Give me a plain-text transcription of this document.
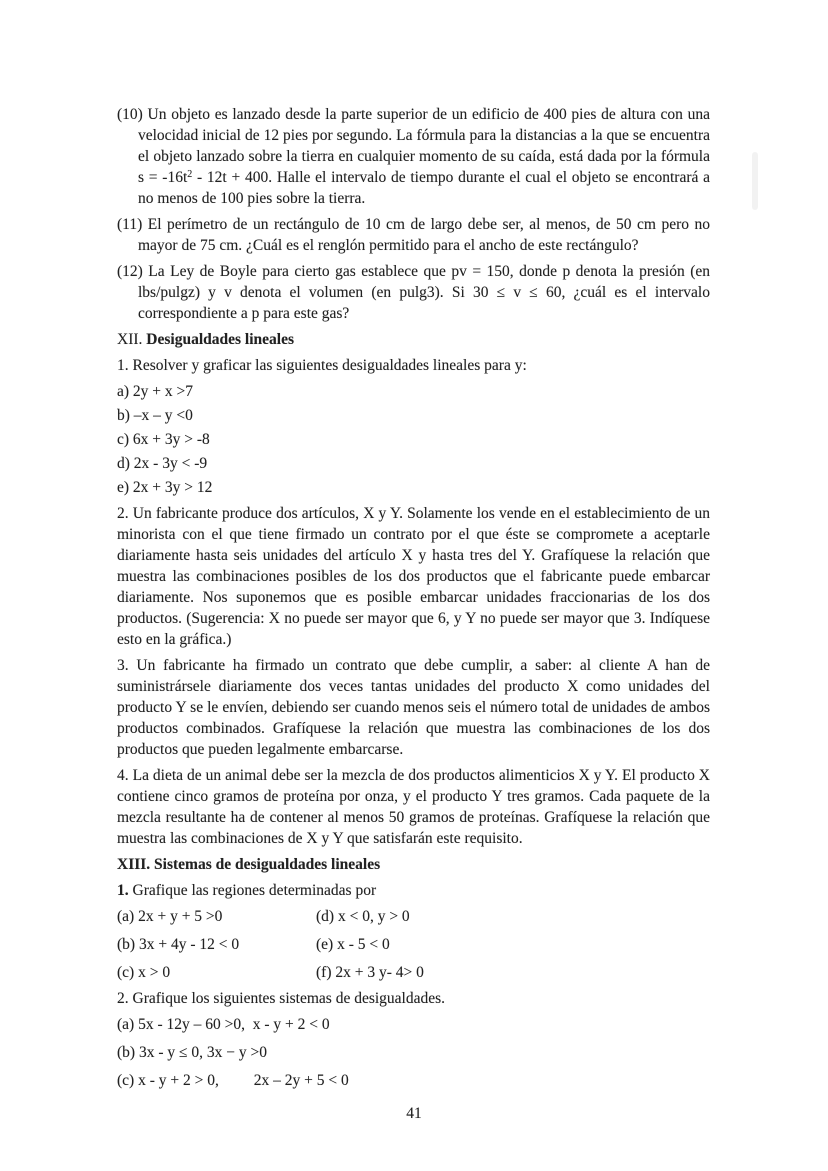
(10) Un objeto es lanzado desde la parte superior de un edificio de 400 pies de altura con una velocidad inicial de 12 pies por segundo. La fórmula para la distancias a la que se encuentra el objeto lanzado sobre la tierra en cualquier momento de su caída, está dada por la fórmula $s = -16t^2 - 12t + 400$. Halle el intervalo de tiempo durante el cual el objeto se encontrará a no menos de 100 pies sobre la tierra.

(11) El perímetro de un rectángulo de 10 cm de largo debe ser, al menos, de 50 cm pero no mayor de 75 cm. ¿Cuál es el renglón permitido para el ancho de este rectángulo?

(12) La Ley de Boyle para cierto gas establece que pv = 150, donde p denota la presión (en lbs/pulgz) y v denota el volumen (en pulg3). Si 30 ≤ v ≤ 60, ¿cuál es el intervalo correspondiente a p para este gas?

XII. Desigualdades lineales

1. Resolver y graficar las siguientes desigualdades lineales para y:

a) 2y + x >7
b) –x – y <0
c) 6x + 3y > -8
d) 2x - 3y < -9
e) 2x + 3y > 12

2. Un fabricante produce dos artículos, X y Y. Solamente los vende en el establecimiento de un minorista con el que tiene firmado un contrato por el que éste se compromete a aceptarle diariamente hasta seis unidades del artículo X y hasta tres del Y. Grafíquese la relación que muestra las combinaciones posibles de los dos productos que el fabricante puede embarcar diariamente. Nos suponemos que es posible embarcar unidades fraccionarias de los dos productos. (Sugerencia: X no puede ser mayor que 6, y Y no puede ser mayor que 3. Indíquese esto en la gráfica.)

3. Un fabricante ha firmado un contrato que debe cumplir, a saber: al cliente A han de suministrársele diariamente dos veces tantas unidades del producto X como unidades del producto Y se le envíen, debiendo ser cuando menos seis el número total de unidades de ambos productos combinados. Grafíquese la relación que muestra las combinaciones de los dos productos que pueden legalmente embarcarse.

4. La dieta de un animal debe ser la mezcla de dos productos alimenticios X y Y. El producto X contiene cinco gramos de proteína por onza, y el producto Y tres gramos. Cada paquete de la mezcla resultante ha de contener al menos 50 gramos de proteínas. Grafíquese la relación que muestra las combinaciones de X y Y que satisfarán este requisito.

XIII. Sistemas de desigualdades lineales

1. Grafique las regiones determinadas por

(a) 2x + y + 5 >0	(d) x < 0, y > 0
(b) 3x + 4y - 12 < 0	(e) x - 5 < 0
(c) x > 0	(f) 2x + 3 y- 4> 0

2. Grafique los siguientes sistemas de desigualdades.

(a) 5x - 12y – 60 >0,  x - y + 2 < 0
(b) 3x - y ≤ 0, 3x − y >0
(c) x - y + 2 > 0,         2x – 2y + 5 < 0
41
